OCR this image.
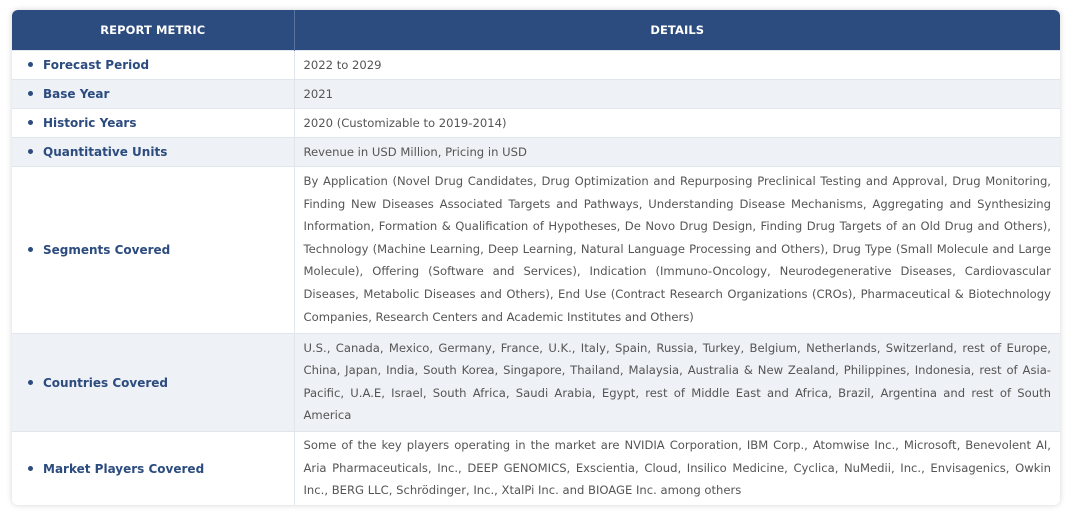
REPORT METRIC	DETAILS
Forecast Period	2022 to 2029
Base Year	2021
Historic Years	2020 (Customizable to 2019-2014)
Quantitative Units	Revenue in USD Million, Pricing in USD
Segments Covered	By Application (Novel Drug Candidates, Drug Optimization and Repurposing Preclinical Testing and Approval, Drug Monitoring, Finding New Diseases Associated Targets and Pathways, Understanding Disease Mechanisms, Aggregating and Synthesizing Information, Formation & Qualification of Hypotheses, De Novo Drug Design, Finding Drug Targets of an Old Drug and Others), Technology (Machine Learning, Deep Learning, Natural Language Processing and Others), Drug Type (Small Molecule and Large Molecule), Offering (Software and Services), Indication (Immuno-Oncology, Neurodegenerative Diseases, Cardiovascular Diseases, Metabolic Diseases and Others), End Use (Contract Research Organizations (CROs), Pharmaceutical & Biotechnology Companies, Research Centers and Academic Institutes and Others)
Countries Covered	U.S., Canada, Mexico, Germany, France, U.K., Italy, Spain, Russia, Turkey, Belgium, Netherlands, Switzerland, rest of Europe, China, Japan, India, South Korea, Singapore, Thailand, Malaysia, Australia & New Zealand, Philippines, Indonesia, rest of Asia-Pacific, U.A.E, Israel, South Africa, Saudi Arabia, Egypt, rest of Middle East and Africa, Brazil, Argentina and rest of South America
Market Players Covered	Some of the key players operating in the market are NVIDIA Corporation, IBM Corp., Atomwise Inc., Microsoft, Benevolent AI, Aria Pharmaceuticals, Inc., DEEP GENOMICS, Exscientia, Cloud, Insilico Medicine, Cyclica, NuMedii, Inc., Envisagenics, Owkin Inc., BERG LLC, Schrödinger, Inc., XtalPi Inc. and BIOAGE Inc. among others
